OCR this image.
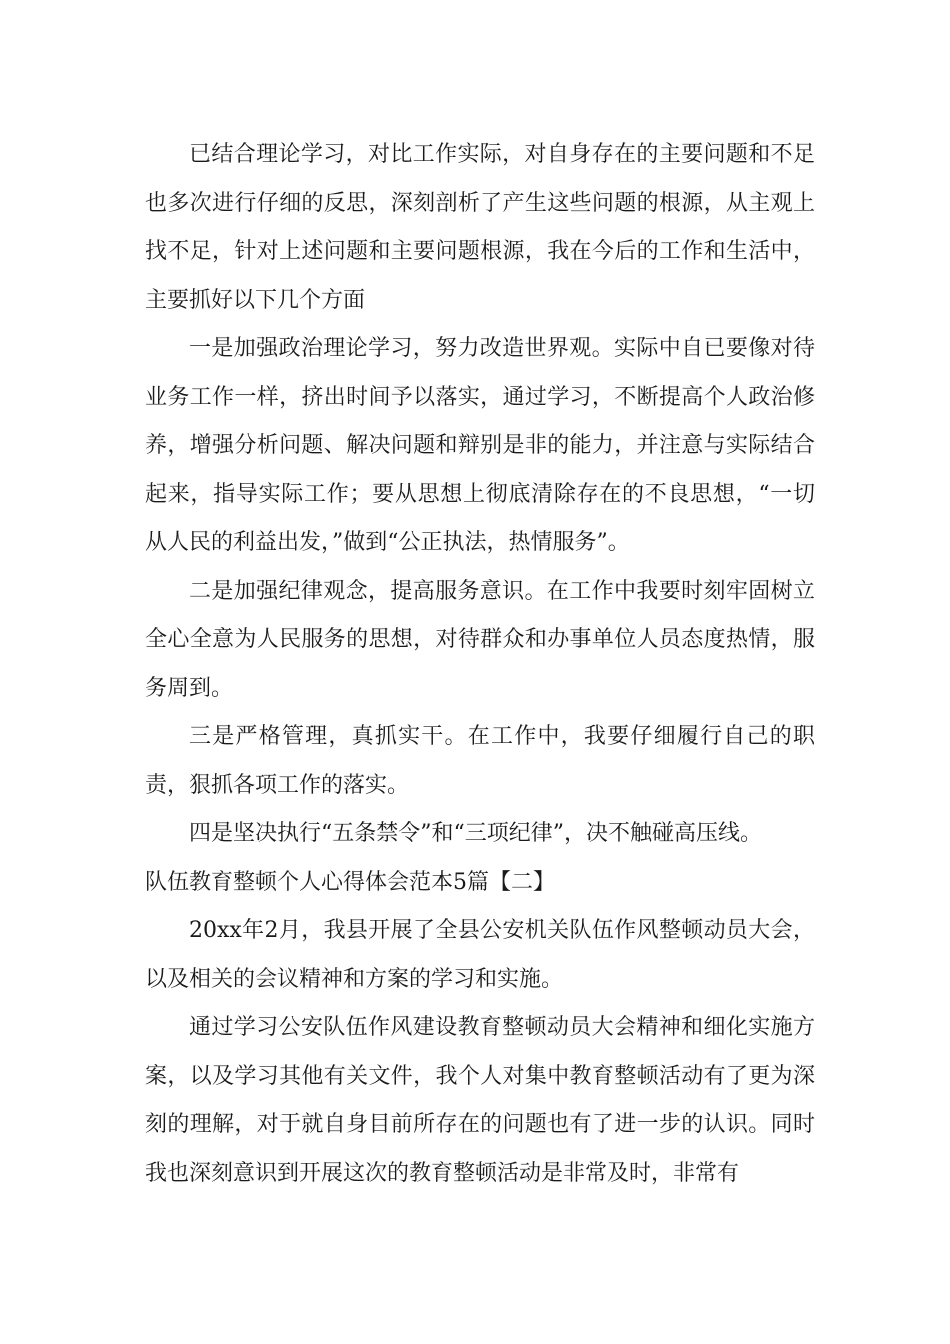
已结合理论学习，对比工作实际，对自身存在的主要问题和不足也多次进行仔细的反思，深刻剖析了产生这些问题的根源，从主观上找不足，针对上述问题和主要问题根源，我在今后的工作和生活中，主要抓好以下几个方面

一是加强政治理论学习，努力改造世界观。实际中自已要像对待业务工作一样，挤出时间予以落实，通过学习，不断提高个人政治修养，增强分析问题、解决问题和辩别是非的能力，并注意与实际结合起来，指导实际工作；要从思想上彻底清除存在的不良思想，“一切从人民的利益出发，”做到“公正执法，热情服务”。

二是加强纪律观念，提高服务意识。在工作中我要时刻牢固树立全心全意为人民服务的思想，对待群众和办事单位人员态度热情，服务周到。

三是严格管理，真抓实干。在工作中，我要仔细履行自己的职责，狠抓各项工作的落实。

四是坚决执行“五条禁令”和“三项纪律”，决不触碰高压线。

队伍教育整顿个人心得体会范本5篇【二】

20xx年2月，我县开展了全县公安机关队伍作风整顿动员大会，以及相关的会议精神和方案的学习和实施。

通过学习公安队伍作风建设教育整顿动员大会精神和细化实施方案，以及学习其他有关文件，我个人对集中教育整顿活动有了更为深刻的理解，对于就自身目前所存在的问题也有了进一步的认识。同时我也深刻意识到开展这次的教育整顿活动是非常及时，非常有
